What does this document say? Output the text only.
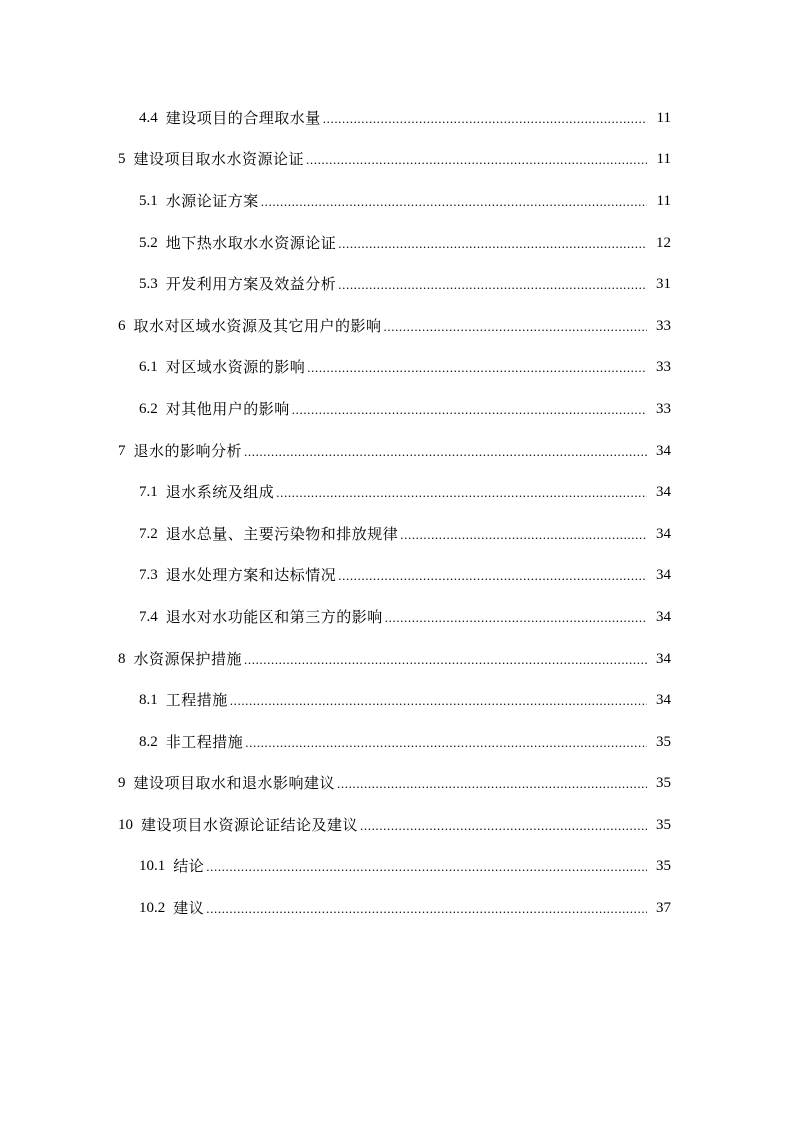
4.4 建设项目的合理取水量 .....	11
5 建设项目取水水资源论证 .....	11
5.1 水源论证方案 .....	11
5.2 地下热水取水水资源论证 .....	12
5.3 开发利用方案及效益分析 .....	31
6 取水对区域水资源及其它用户的影响 .....	33
6.1 对区域水资源的影响 .....	33
6.2 对其他用户的影响 .....	33
7 退水的影响分析 .....	34
7.1 退水系统及组成 .....	34
7.2 退水总量、主要污染物和排放规律 .....	34
7.3 退水处理方案和达标情况 .....	34
7.4 退水对水功能区和第三方的影响 .....	34
8 水资源保护措施 .....	34
8.1 工程措施 .....	34
8.2 非工程措施 .....	35
9 建设项目取水和退水影响建议 .....	35
10 建设项目水资源论证结论及建议 .....	35
10.1 结论 .....	35
10.2 建议 .....	37
